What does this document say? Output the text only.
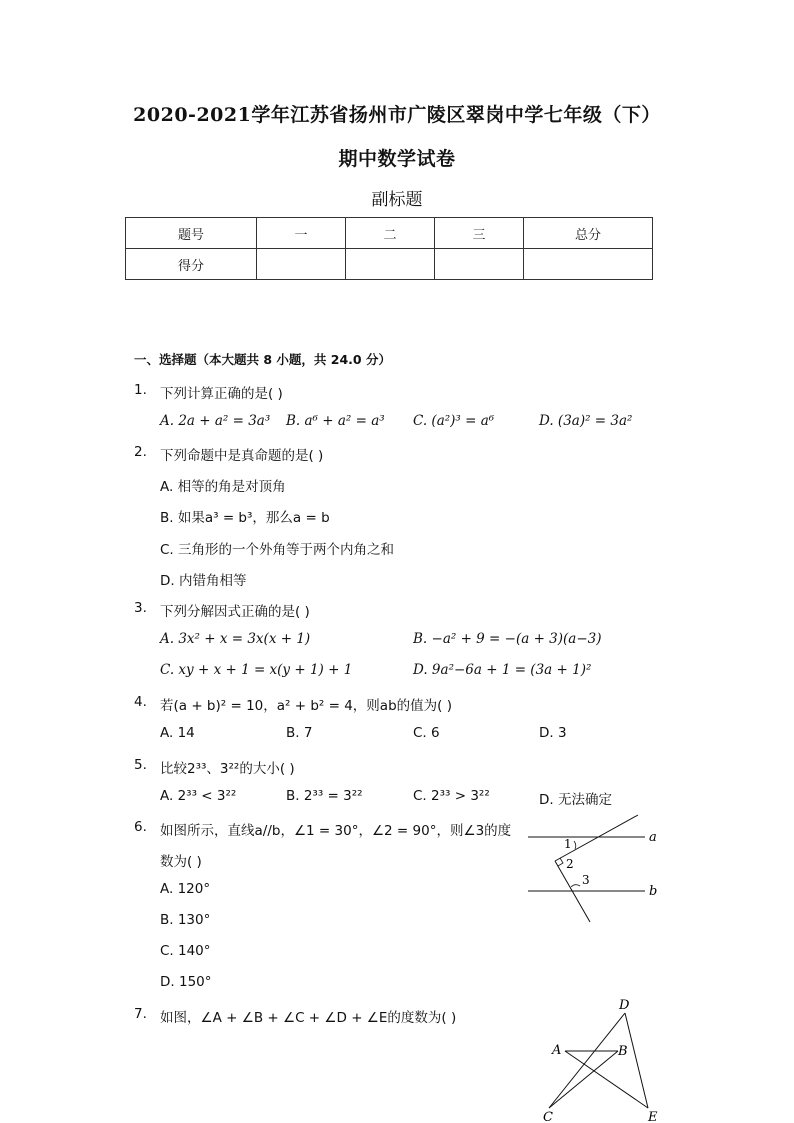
2020-2021学年江苏省扬州市广陵区翠岗中学七年级（下）
期中数学试卷
副标题
题号	一	二	三	总分
得分				
一、选择题（本大题共 8 小题，共 24.0 分）
1. 下列计算正确的是( )
A. 2a + a² = 3a³ B. a⁶ + a² = a³ C. (a²)³ = a⁶	D. (3a)² = 3a²
2. 下列命题中是真命题的是( )
A. 相等的角是对顶角
B. 如果a³ = b³，那么a = b
C. 三角形的一个外角等于两个内角之和
D. 内错角相等
3. 下列分解因式正确的是( )
A. 3x² + x = 3x(x + 1)	B. −a² + 9 = −(a + 3)(a−3)
C. xy + x + 1 = x(y + 1) + 1	D. 9a²−6a + 1 = (3a + 1)²
4. 若(a + b)² = 10，a² + b² = 4，则ab的值为( )
A. 14	B. 7	C. 6	D. 3
5. 比较2³³、3²²的大小( )
A. 2³³ < 3²²	B. 2³³ = 3²²	C. 2³³ > 3²²	D. 无法确定
6. 如图所示，直线a//b，∠1 = 30°，∠2 = 90°，则∠3的度
数为( )
A. 120°
B. 130°
C. 140°
D. 150°
a
b
1
2
3
7. 如图，∠A + ∠B + ∠C + ∠D + ∠E的度数为( )
D
A	B
C	E
